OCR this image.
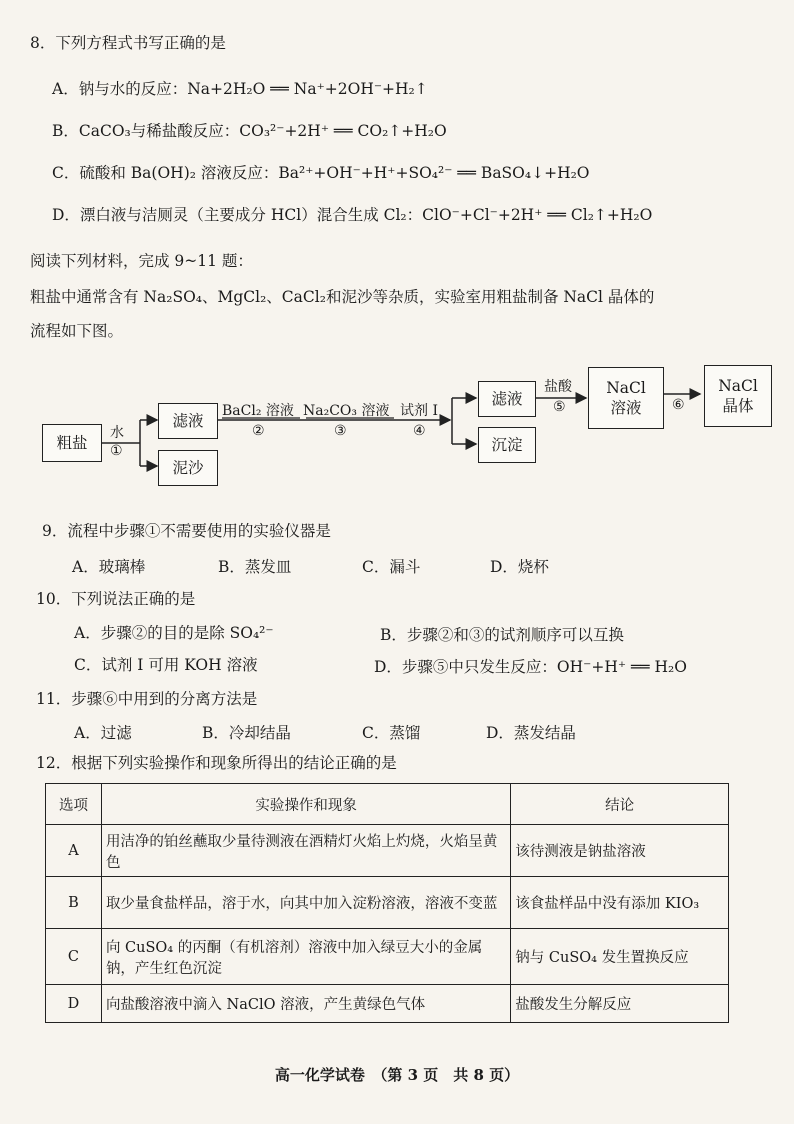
8．下列方程式书写正确的是
A．钠与水的反应：Na+2H₂O ══ Na⁺+2OH⁻+H₂↑
B．CaCO₃与稀盐酸反应：CO₃²⁻+2H⁺ ══ CO₂↑+H₂O
C．硫酸和 Ba(OH)₂ 溶液反应：Ba²⁺+OH⁻+H⁺+SO₄²⁻ ══ BaSO₄↓+H₂O
D．漂白液与洁厕灵（主要成分 HCl）混合生成 Cl₂：ClO⁻+Cl⁻+2H⁺ ══ Cl₂↑+H₂O
阅读下列材料，完成 9~11 题：
粗盐中通常含有 Na₂SO₄、MgCl₂、CaCl₂和泥沙等杂质，实验室用粗盐制备 NaCl 晶体的
流程如下图。
粗盐
水
①
滤液
泥沙
BaCl₂ 溶液
②
Na₂CO₃ 溶液
③
试剂 I
④
滤液
沉淀
盐酸
⑤
NaCl
溶液 ⑥
NaCl
晶体
9．流程中步骤①不需要使用的实验仪器是
A．玻璃棒	B．蒸发皿	C．漏斗	D．烧杯
10．下列说法正确的是
A．步骤②的目的是除 SO₄²⁻	B．步骤②和③的试剂顺序可以互换
C．试剂 I 可用 KOH 溶液	D．步骤⑤中只发生反应：OH⁻+H⁺ ══ H₂O
11．步骤⑥中用到的分离方法是
A．过滤	B．冷却结晶	C．蒸馏	D．蒸发结晶
12．根据下列实验操作和现象所得出的结论正确的是
选项	实验操作和现象	结论
A	用洁净的铂丝蘸取少量待测液在酒精灯火焰上灼烧，火焰呈黄色	该待测液是钠盐溶液
B	取少量食盐样品，溶于水，向其中加入淀粉溶液，溶液不变蓝	该食盐样品中没有添加 KIO₃
C	向 CuSO₄ 的丙酮（有机溶剂）溶液中加入绿豆大小的金属钠，产生红色沉淀	钠与 CuSO₄ 发生置换反应
D	向盐酸溶液中滴入 NaClO 溶液，产生黄绿色气体	盐酸发生分解反应
高一化学试卷　（第 3 页　共 8 页）
